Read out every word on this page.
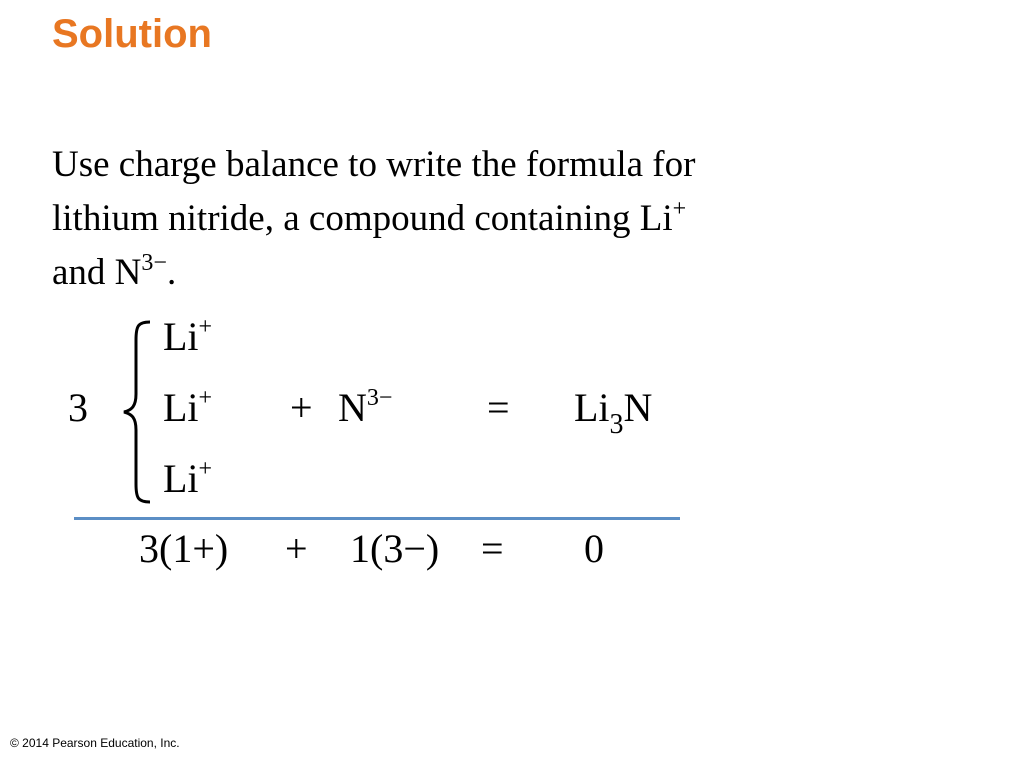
Solution
Use charge balance to write the formula for
lithium nitride, a compound containing Li+
and $N^{3-}$.
3
Li+
Li+
Li+
+ $N^{3-} = Li_3N$
3(1+) + 1(3−) = 0
© 2014 Pearson Education, Inc.
